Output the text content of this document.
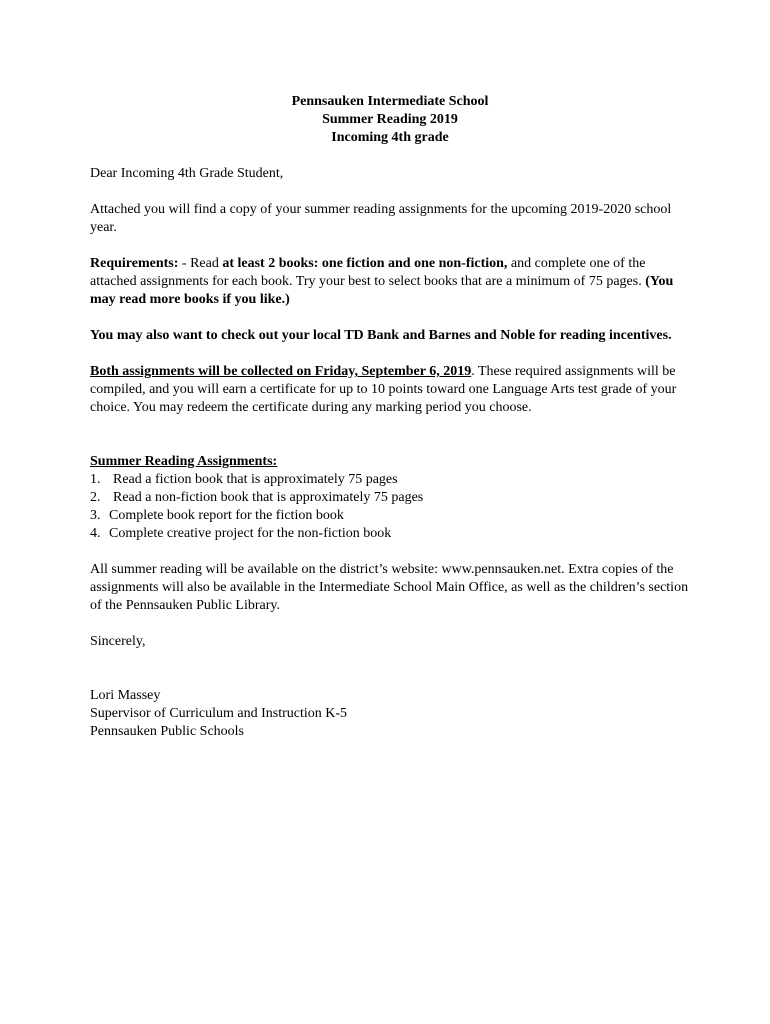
Pennsauken Intermediate School
Summer Reading 2019
Incoming 4th grade

Dear Incoming 4th Grade Student,

Attached you will find a copy of your summer reading assignments for the upcoming 2019-2020 school year.

Requirements: - Read at least 2 books: one fiction and one non-fiction, and complete one of the attached assignments for each book. Try your best to select books that are a minimum of 75 pages. (You may read more books if you like.)

You may also want to check out your local TD Bank and Barnes and Noble for reading incentives.

Both assignments will be collected on Friday, September 6, 2019. These required assignments will be compiled, and you will earn a certificate for up to 10 points toward one Language Arts test grade of your choice. You may redeem the certificate during any marking period you choose.

Summer Reading Assignments:
1. Read a fiction book that is approximately 75 pages
2. Read a non-fiction book that is approximately 75 pages
3. Complete book report for the fiction book
4. Complete creative project for the non-fiction book

All summer reading will be available on the district’s website: www.pennsauken.net. Extra copies of the assignments will also be available in the Intermediate School Main Office, as well as the children’s section of the Pennsauken Public Library.

Sincerely,

Lori Massey
Supervisor of Curriculum and Instruction K-5
Pennsauken Public Schools
